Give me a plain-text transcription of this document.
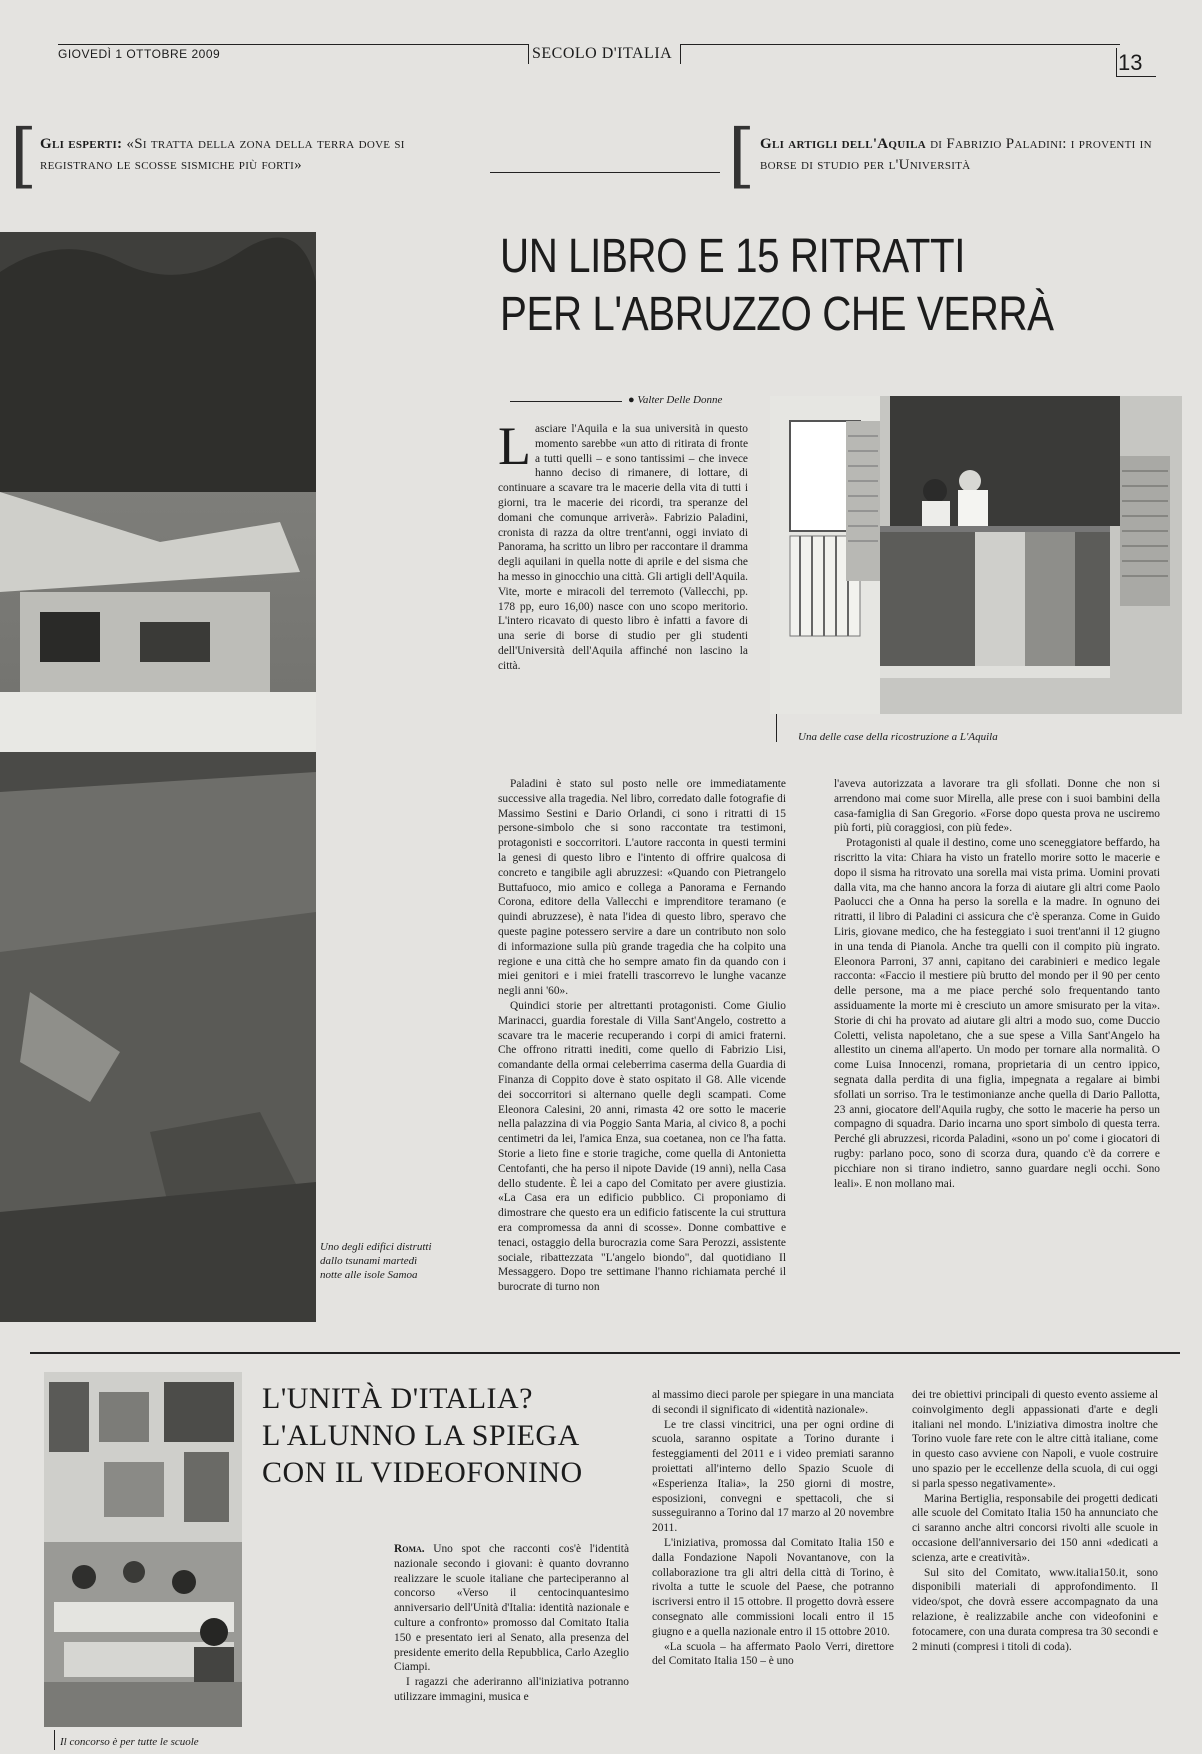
GIOVEDÌ 1 OTTOBRE 2009	SECOLO D'ITALIA	13
[ Gli esperti: «Si tratta della zona della terra dove si registrano le scosse sismiche più forti»	[ Gli artigli dell'Aquila di Fabrizio Paladini: i proventi in borse di studio per l'Università
Uno degli edifici distrutti dallo tsunami martedì notte alle isole Samoa
UN LIBRO E 15 RITRATTI
PER L'ABRUZZO CHE VERRÀ
● Valter Delle Donne

Lasciare l'Aquila e la sua università in questo momento sarebbe «un atto di ritirata di fronte a tutti quelli – e sono tantissimi – che invece hanno deciso di rimanere, di lottare, di continuare a scavare tra le macerie della vita di tutti i giorni, tra le macerie dei ricordi, tra speranze del domani che comunque arriverà». Fabrizio Paladini, cronista di razza da oltre trent'anni, oggi inviato di Panorama, ha scritto un libro per raccontare il dramma degli aquilani in quella notte di aprile e del sisma che ha messo in ginocchio una città. Gli artigli dell'Aquila. Vite, morte e miracoli del terremoto (Vallecchi, pp. 178 pp, euro 16,00) nasce con uno scopo meritorio. L'intero ricavato di questo libro è infatti a favore di una serie di borse di studio per gli studenti dell'Università dell'Aquila affinché non lascino la città.

Paladini è stato sul posto nelle ore immediatamente successive alla tragedia. Nel libro, corredato dalle fotografie di Massimo Sestini e Dario Orlandi, ci sono i ritratti di 15 persone-simbolo che si sono raccontate tra testimoni, protagonisti e soccorritori. L'autore racconta in questi termini la genesi di questo libro e l'intento di offrire qualcosa di concreto e tangibile agli abruzzesi: «Quando con Pietrangelo Buttafuoco, mio amico e collega a Panorama e Fernando Corona, editore della Vallecchi e imprenditore teramano (e quindi abruzzese), è nata l'idea di questo libro, speravo che queste pagine potessero servire a dare un contributo non solo di informazione sulla più grande tragedia che ha colpito una regione e una città che ho sempre amato fin da quando con i miei genitori e i miei fratelli trascorrevo le lunghe vacanze negli anni '60».

Quindici storie per altrettanti protagonisti. Come Giulio Marinacci, guardia forestale di Villa Sant'Angelo, costretto a scavare tra le macerie recuperando i corpi di amici fraterni. Che offrono ritratti inediti, come quello di Fabrizio Lisi, comandante della ormai celeberrima caserma della Guardia di Finanza di Coppito dove è stato ospitato il G8. Alle vicende dei soccorritori si alternano quelle degli scampati. Come Eleonora Calesini, 20 anni, rimasta 42 ore sotto le macerie nella palazzina di via Poggio Santa Maria, al civico 8, a pochi centimetri da lei, l'amica Enza, sua coetanea, non ce l'ha fatta. Storie a lieto fine e storie tragiche, come quella di Antonietta Centofanti, che ha perso il nipote Davide (19 anni), nella Casa dello studente. È lei a capo del Comitato per avere giustizia. «La Casa era un edificio pubblico. Ci proponiamo di dimostrare che questo era un edificio fatiscente la cui struttura era compromessa da anni di scosse». Donne combattive e tenaci, ostaggio della burocrazia come Sara Perozzi, assistente sociale, ribattezzata "L'angelo biondo", dal quotidiano Il Messaggero. Dopo tre settimane l'hanno richiamata perché il burocrate di turno non

Una delle case della ricostruzione a L'Aquila

l'aveva autorizzata a lavorare tra gli sfollati. Donne che non si arrendono mai come suor Mirella, alle prese con i suoi bambini della casa-famiglia di San Gregorio. «Forse dopo questa prova ne usciremo più forti, più coraggiosi, con più fede».

Protagonisti al quale il destino, come uno sceneggiatore beffardo, ha riscritto la vita: Chiara ha visto un fratello morire sotto le macerie e dopo il sisma ha ritrovato una sorella mai vista prima. Uomini provati dalla vita, ma che hanno ancora la forza di aiutare gli altri come Paolo Paolucci che a Onna ha perso la sorella e la madre. In ognuno dei ritratti, il libro di Paladini ci assicura che c'è speranza. Come in Guido Liris, giovane medico, che ha festeggiato i suoi trent'anni il 12 giugno in una tenda di Pianola. Anche tra quelli con il compito più ingrato. Eleonora Parroni, 37 anni, capitano dei carabinieri e medico legale racconta: «Faccio il mestiere più brutto del mondo per il 90 per cento delle persone, ma a me piace perché solo frequentando tanto assiduamente la morte mi è cresciuto un amore smisurato per la vita». Storie di chi ha provato ad aiutare gli altri a modo suo, come Duccio Coletti, velista napoletano, che a sue spese a Villa Sant'Angelo ha allestito un cinema all'aperto. Un modo per tornare alla normalità. O come Luisa Innocenzi, romana, proprietaria di un centro ippico, segnata dalla perdita di una figlia, impegnata a regalare ai bimbi sfollati un sorriso. Tra le testimonianze anche quella di Dario Pallotta, 23 anni, giocatore dell'Aquila rugby, che sotto le macerie ha perso un compagno di squadra. Dario incarna uno sport simbolo di questa terra. Perché gli abruzzesi, ricorda Paladini, «sono un po' come i giocatori di rugby: parlano poco, sono di scorza dura, quando c'è da correre e picchiare non si tirano indietro, sanno guardare negli occhi. Sono leali». E non mollano mai.

Il concorso è per tutte le scuole
L'UNITÀ D'ITALIA?
L'ALUNNO LA SPIEGA
CON IL VIDEOFONINO

Roma. Uno spot che racconti cos'è l'identità nazionale secondo i giovani: è quanto dovranno realizzare le scuole italiane che parteciperanno al concorso «Verso il centocinquantesimo anniversario dell'Unità d'Italia: identità nazionale e culture a confronto» promosso dal Comitato Italia 150 e presentato ieri al Senato, alla presenza del presidente emerito della Repubblica, Carlo Azeglio Ciampi.

I ragazzi che aderiranno all'iniziativa potranno utilizzare immagini, musica e

al massimo dieci parole per spiegare in una manciata di secondi il significato di «identità nazionale».

Le tre classi vincitrici, una per ogni ordine di scuola, saranno ospitate a Torino durante i festeggiamenti del 2011 e i video premiati saranno proiettati all'interno dello Spazio Scuole di «Esperienza Italia», la 250 giorni di mostre, esposizioni, convegni e spettacoli, che si susseguiranno a Torino dal 17 marzo al 20 novembre 2011.

L'iniziativa, promossa dal Comitato Italia 150 e dalla Fondazione Napoli Novantanove, con la collaborazione tra gli altri della città di Torino, è rivolta a tutte le scuole del Paese, che potranno iscriversi entro il 15 ottobre. Il progetto dovrà essere consegnato alle commissioni locali entro il 15 giugno e a quella nazionale entro il 15 ottobre 2010.

«La scuola – ha affermato Paolo Verri, direttore del Comitato Italia 150 – è uno

dei tre obiettivi principali di questo evento assieme al coinvolgimento degli appassionati d'arte e degli italiani nel mondo. L'iniziativa dimostra inoltre che Torino vuole fare rete con le altre città italiane, come in questo caso avviene con Napoli, e vuole costruire uno spazio per le eccellenze della scuola, di cui oggi si parla spesso negativamente».

Marina Bertiglia, responsabile dei progetti dedicati alle scuole del Comitato Italia 150 ha annunciato che ci saranno anche altri concorsi rivolti alle scuole in occasione dell'anniversario dei 150 anni «dedicati a scienza, arte e creatività».

Sul sito del Comitato, www.italia150.it, sono disponibili materiali di approfondimento. Il video/spot, che dovrà essere accompagnato da una relazione, è realizzabile anche con videofonini e fotocamere, con una durata compresa tra 30 secondi e 2 minuti (compresi i titoli di coda).
